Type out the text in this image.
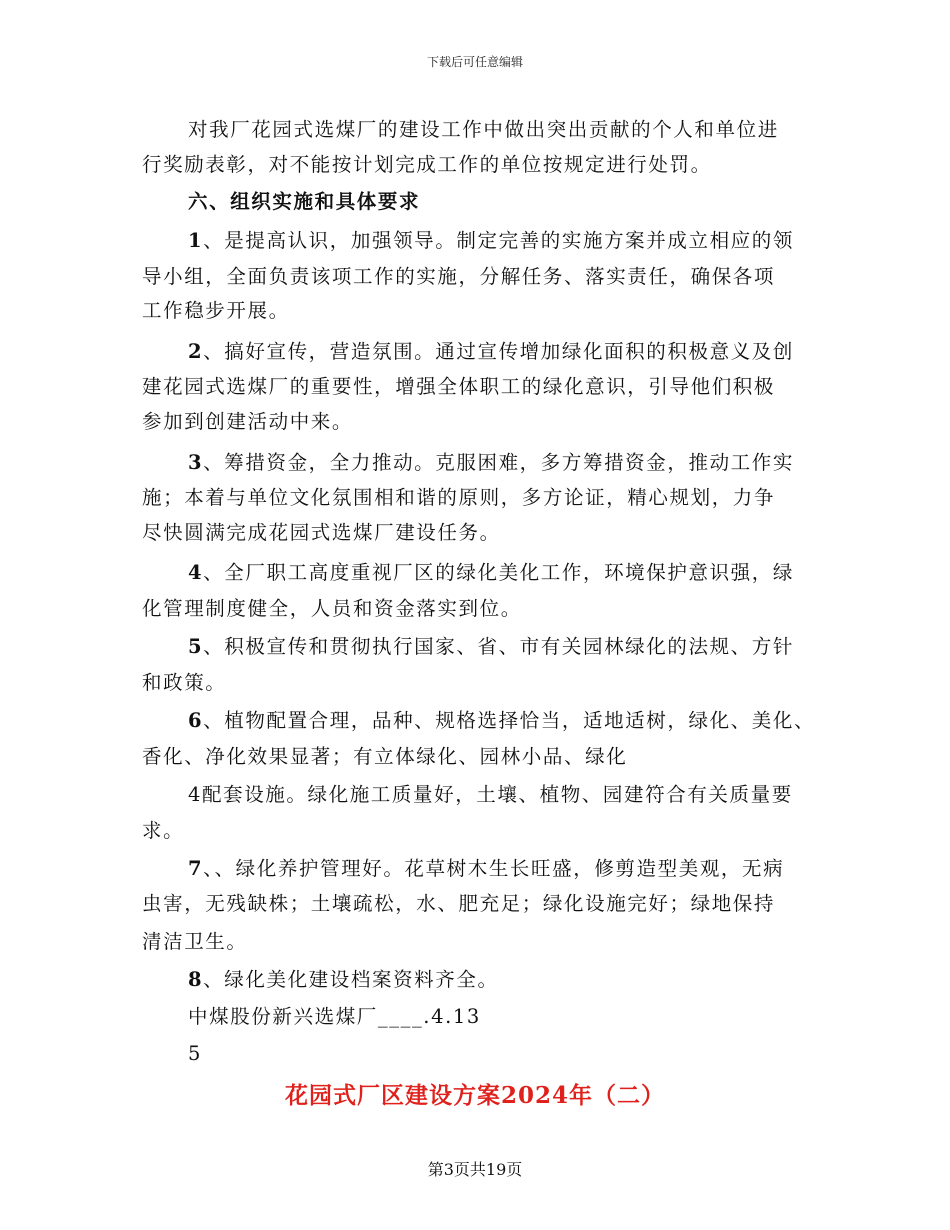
下载后可任意编辑
对我厂花园式选煤厂的建设工作中做出突出贡献的个人和单位进
行奖励表彰，对不能按计划完成工作的单位按规定进行处罚。
六、组织实施和具体要求
1、是提高认识，加强领导。制定完善的实施方案并成立相应的领
导小组，全面负责该项工作的实施，分解任务、落实责任，确保各项
工作稳步开展。
2、搞好宣传，营造氛围。通过宣传增加绿化面积的积极意义及创
建花园式选煤厂的重要性，增强全体职工的绿化意识，引导他们积极
参加到创建活动中来。
3、筹措资金，全力推动。克服困难，多方筹措资金，推动工作实
施；本着与单位文化氛围相和谐的原则，多方论证，精心规划，力争
尽快圆满完成花园式选煤厂建设任务。
4、全厂职工高度重视厂区的绿化美化工作，环境保护意识强，绿
化管理制度健全，人员和资金落实到位。
5、积极宣传和贯彻执行国家、省、市有关园林绿化的法规、方针
和政策。
6、植物配置合理，品种、规格选择恰当，适地适树，绿化、美化、
香化、净化效果显著；有立体绿化、园林小品、绿化
4配套设施。绿化施工质量好，土壤、植物、园建符合有关质量要
求。
7、、绿化养护管理好。花草树木生长旺盛，修剪造型美观，无病
虫害，无残缺株；土壤疏松，水、肥充足；绿化设施完好；绿地保持
清洁卫生。
8、绿化美化建设档案资料齐全。
中煤股份新兴选煤厂____.4.13
5
花园式厂区建设方案2024年（二）
第3页共19页
